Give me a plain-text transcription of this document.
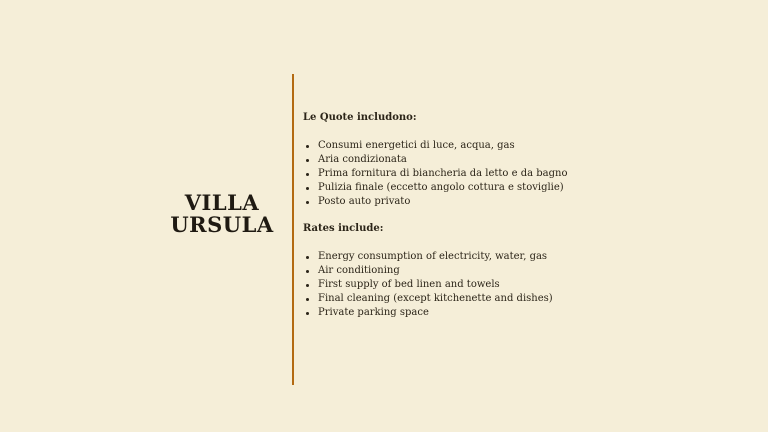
VILLA
URSULA
Le Quote includono:
Consumi energetici di luce, acqua, gas
Aria condizionata
Prima fornitura di biancheria da letto e da bagno
Pulizia finale (eccetto angolo cottura e stoviglie)
Posto auto privato
Rates include:
Energy consumption of electricity, water, gas
Air conditioning
First supply of bed linen and towels
Final cleaning (except kitchenette and dishes)
Private parking space
